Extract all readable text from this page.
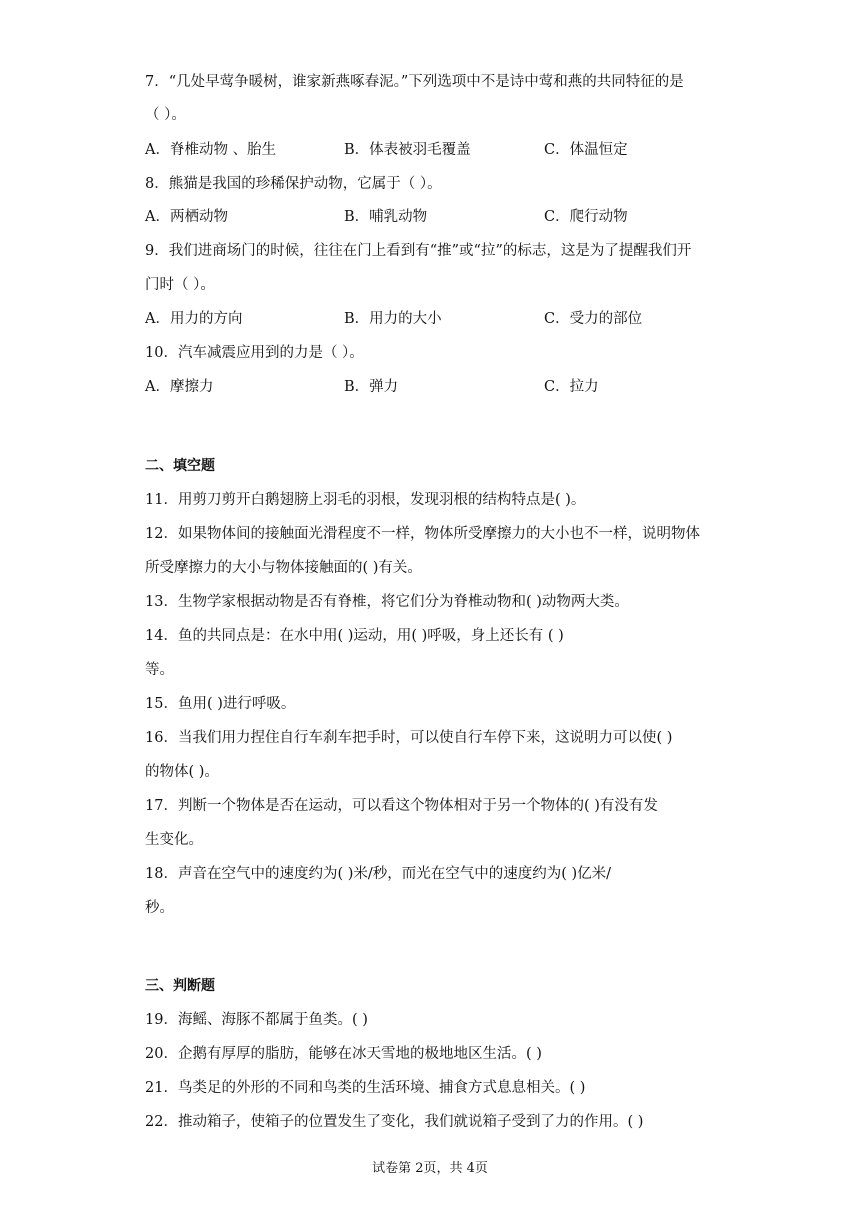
7．“几处早莺争暖树，谁家新燕啄春泥。”下列选项中不是诗中莺和燕的共同特征的是
（ ）。
A．脊椎动物 、胎生	B．体表被羽毛覆盖	C．体温恒定
8．熊猫是我国的珍稀保护动物，它属于（ ）。
A．两栖动物	B．哺乳动物	C．爬行动物
9．我们进商场门的时候，往往在门上看到有“推”或“拉”的标志，这是为了提醒我们开
门时（ ）。
A．用力的方向	B．用力的大小	C．受力的部位
10．汽车减震应用到的力是（ ）。
A．摩擦力	B．弹力	C．拉力
二、填空题
11．用剪刀剪开白鹅翅膀上羽毛的羽根，发现羽根的结构特点是( )。
12．如果物体间的接触面光滑程度不一样，物体所受摩擦力的大小也不一样，说明物体
所受摩擦力的大小与物体接触面的( )有关。
13．生物学家根据动物是否有脊椎，将它们分为脊椎动物和( )动物两大类。
14．鱼的共同点是：在水中用( )运动，用( )呼吸，身上还长有 ( )
等。
15．鱼用( )进行呼吸。
16．当我们用力捏住自行车刹车把手时，可以使自行车停下来，这说明力可以使( )
的物体( )。
17．判断一个物体是否在运动，可以看这个物体相对于另一个物体的( )有没有发
生变化。
18．声音在空气中的速度约为( )米/秒，而光在空气中的速度约为( )亿米/
秒。
三、判断题
19．海鳐、海豚不都属于鱼类。( )
20．企鹅有厚厚的脂肪，能够在冰天雪地的极地地区生活。( )
21．鸟类足的外形的不同和鸟类的生活环境、捕食方式息息相关。( )
22．推动箱子，使箱子的位置发生了变化，我们就说箱子受到了力的作用。( )
试卷第 2页，共 4页
